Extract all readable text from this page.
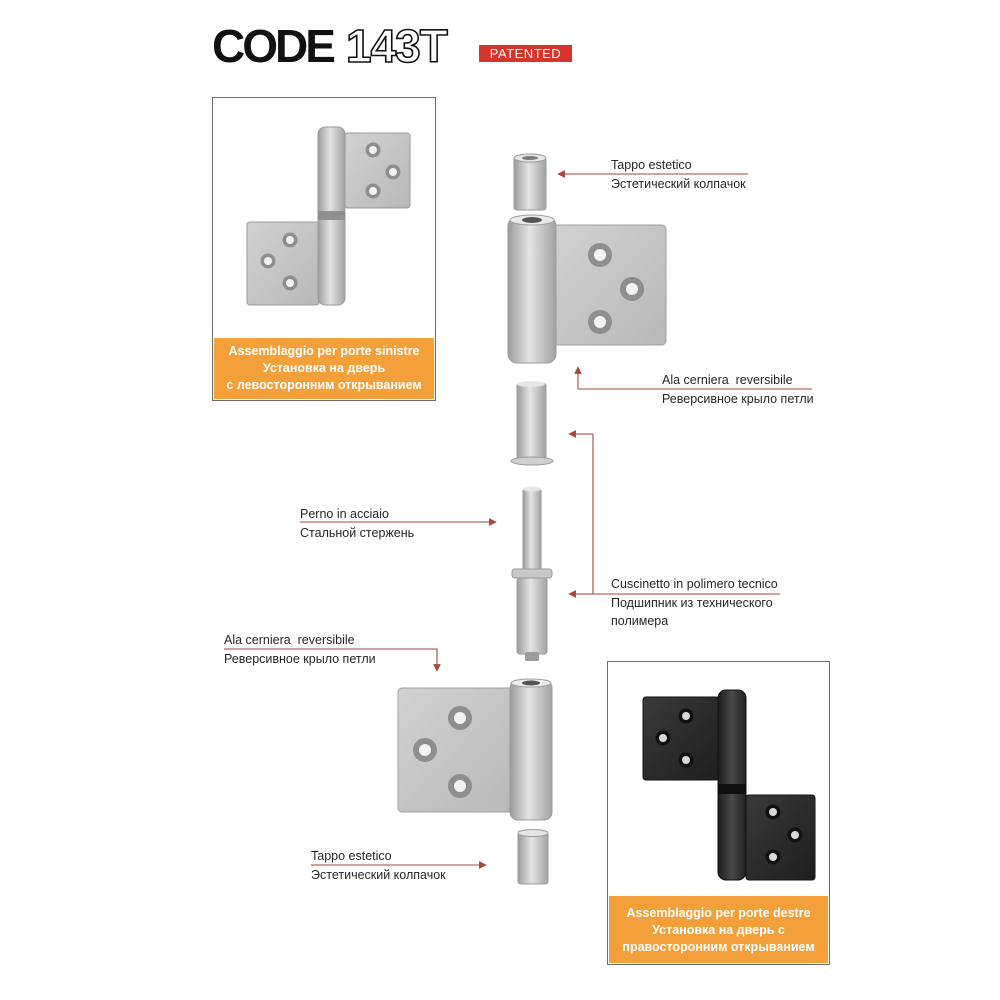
CODE 143T	PATENTED
Tappo estetico
Эстетический колпачок
Ala cerniera  reversibile
Реверсивное крыло петли
Cuscinetto in polimero tecnico
Подшипник из технического
полимера
Perno in acciaio
Стальной стержень
Ala cerniera  reversibile
Реверсивное крыло петли
Tappo estetico
Эстетический колпачок
Assemblaggio per porte sinistre
Установка на дверь
с левосторонним открыванием
Assemblaggio per porte destre
Установка на дверь с
правосторонним открыванием
